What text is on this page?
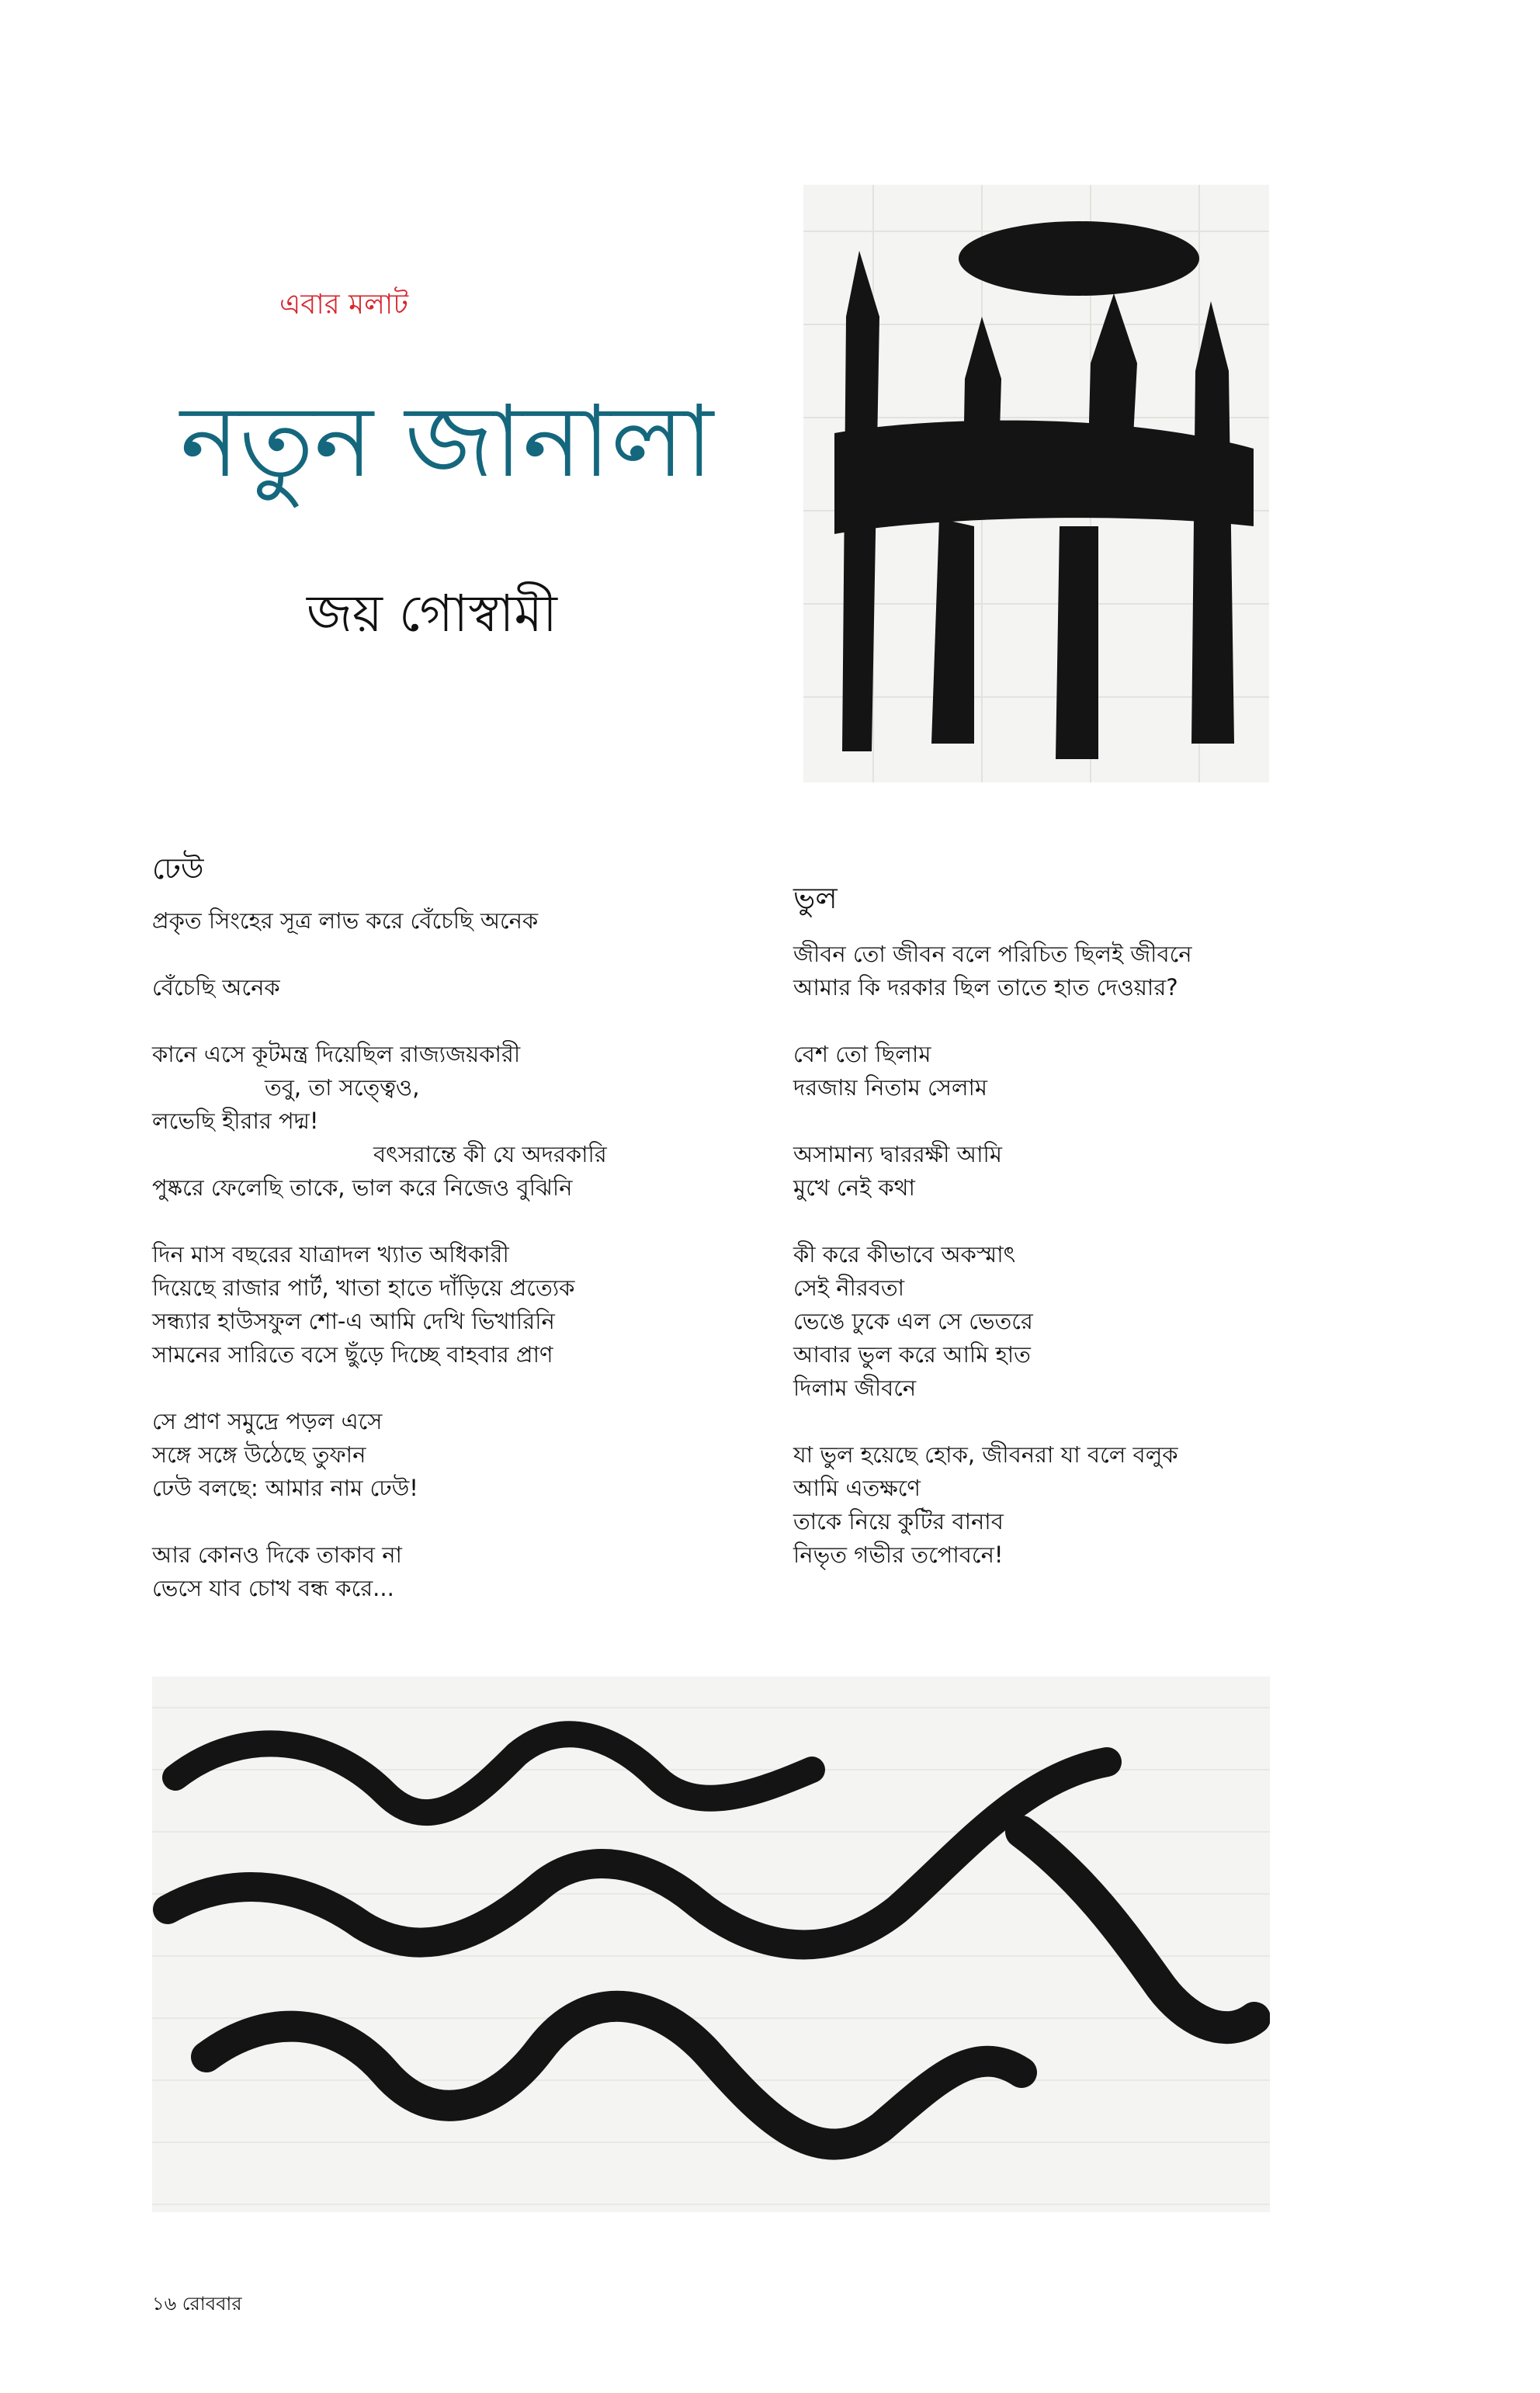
এবার মলাট
নতুন জানালা
জয় গোস্বামী
ঢেউ
প্রকৃত সিংহের সূত্র লাভ করে বেঁচেছি অনেক
বেঁচেছি অনেক
কানে এসে কূটমন্ত্র দিয়েছিল রাজ্যজয়কারী
তবু, তা সত্ত্বেও,
লভেছি হীরার পদ্ম!
বৎসরান্তে কী যে অদরকারি
পুষ্করে ফেলেছি তাকে, ভাল করে নিজেও বুঝিনি
দিন মাস বছরের যাত্রাদল খ্যাত অধিকারী
দিয়েছে রাজার পার্ট, খাতা হাতে দাঁড়িয়ে প্রত্যেক
সন্ধ্যার হাউসফুল শো-এ আমি দেখি ভিখারিনি
সামনের সারিতে বসে ছুঁড়ে দিচ্ছে বাহবার প্রাণ
সে প্রাণ সমুদ্রে পড়ল এসে
সঙ্গে সঙ্গে উঠেছে তুফান
ঢেউ বলছে: আমার নাম ঢেউ!
আর কোনও দিকে তাকাব না
ভেসে যাব চোখ বন্ধ করে...
ভুল
জীবন তো জীবন বলে পরিচিত ছিলই জীবনে
আমার কি দরকার ছিল তাতে হাত দেওয়ার?
বেশ তো ছিলাম
দরজায় নিতাম সেলাম
অসামান্য দ্বাররক্ষী আমি
মুখে নেই কথা
কী করে কীভাবে অকস্মাৎ
সেই নীরবতা
ভেঙে ঢুকে এল সে ভেতরে
আবার ভুল করে আমি হাত
দিলাম জীবনে
যা ভুল হয়েছে হোক, জীবনরা যা বলে বলুক
আমি এতক্ষণে
তাকে নিয়ে কুটির বানাব
নিভৃত গভীর তপোবনে!
১৬ রোববার
